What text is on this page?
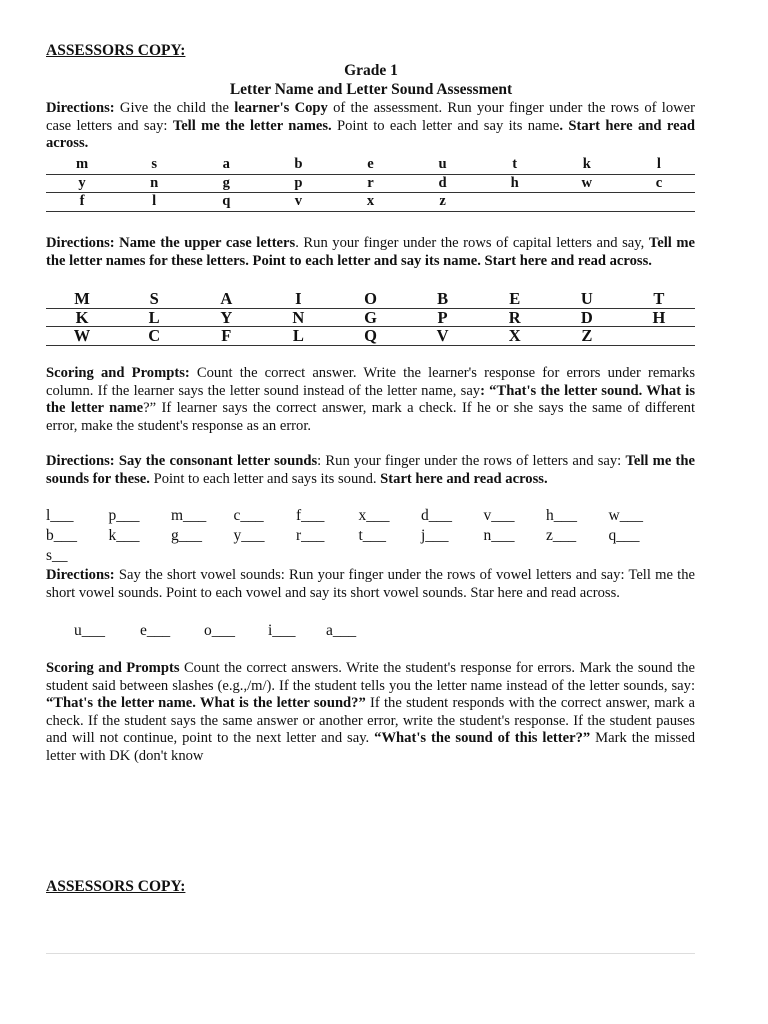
ASSESSORS COPY:
Grade 1
Letter Name and Letter Sound Assessment
Directions: Give the child the learner's Copy of the assessment. Run your finger under the rows of lower case letters and say: Tell me the letter names. Point to each letter and say its name. Start here and read across.
m	s	a	b	e	u	t	k	l
y	n	g	p	r	d	h	w	c
f	l	q	v	x	z			
Directions: Name the upper case letters. Run your finger under the rows of capital letters and say, Tell me the letter names for these letters. Point to each letter and say its name. Start here and read across.
M	S	A	I	O	B	E	U	T
K	L	Y	N	G	P	R	D	H
W	C	F	L	Q	V	X	Z	
Scoring and Prompts: Count the correct answer. Write the learner's response for errors under remarks column. If the learner says the letter sound instead of the letter name, say: “That's the letter sound. What is the letter name?” If learner says the correct answer, mark a check. If he or she says the same of different error, make the student's response as an error.
Directions: Say the consonant letter sounds: Run your finger under the rows of letters and say: Tell me the sounds for these. Point to each letter and says its sound. Start here and read across.
l___	p___	m___	c___	f___	x___	d___	v___	h___	w___
b___	k___	g___	y___	r___	t___	j___	n___	z___	q___
s__
Directions: Say the short vowel sounds: Run your finger under the rows of vowel letters and say: Tell me the short vowel sounds. Point to each vowel and say its short vowel sounds. Star here and read across.
u___	e___	o___	i___	a___
Scoring and Prompts Count the correct answers. Write the student's response for errors. Mark the sound the student said between slashes (e.g.,/m/). If the student tells you the letter name instead of the letter sounds, say: “That's the letter name. What is the letter sound?” If the student responds with the correct answer, mark a check. If the student says the same answer or another error, write the student's response. If the student pauses and will not continue, point to the next letter and say. “What's the sound of this letter?” Mark the missed letter with DK (don't know
ASSESSORS COPY:
